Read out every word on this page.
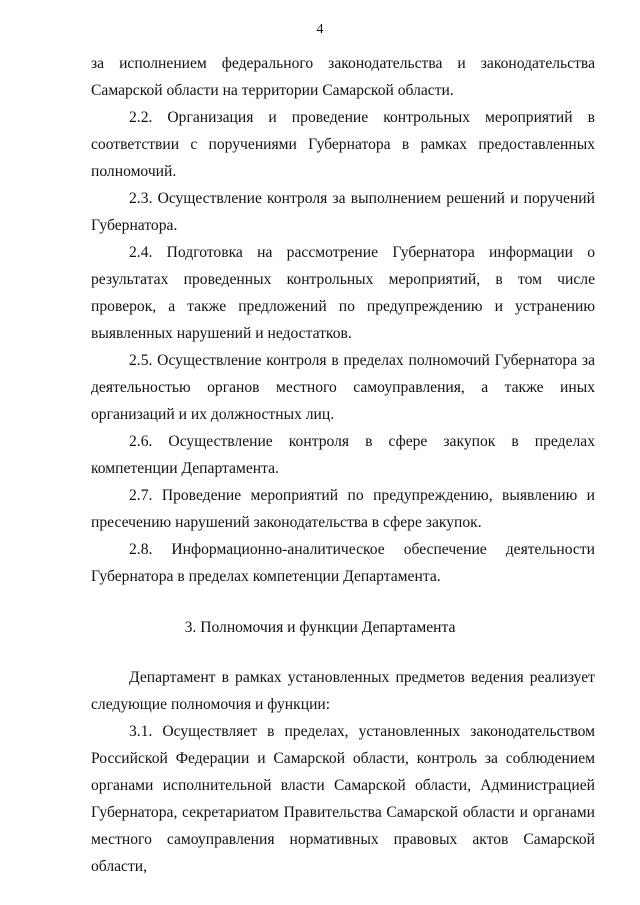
4

за исполнением федерального законодательства и законодательства Самарской области на территории Самарской области.

2.2. Организация и проведение контрольных мероприятий в соответствии с поручениями Губернатора в рамках предоставленных полномочий.

2.3. Осуществление контроля за выполнением решений и поручений Губернатора.

2.4. Подготовка на рассмотрение Губернатора информации о результатах проведенных контрольных мероприятий, в том числе проверок, а также предложений по предупреждению и устранению выявленных нарушений и недостатков.

2.5. Осуществление контроля в пределах полномочий Губернатора за деятельностью органов местного самоуправления, а также иных организаций и их должностных лиц.

2.6. Осуществление контроля в сфере закупок в пределах компетенции Департамента.

2.7. Проведение мероприятий по предупреждению, выявлению и пресечению нарушений законодательства в сфере закупок.

2.8. Информационно-аналитическое обеспечение деятельности Губернатора в пределах компетенции Департамента.

3. Полномочия и функции Департамента

Департамент в рамках установленных предметов ведения реализует следующие полномочия и функции:

3.1. Осуществляет в пределах, установленных законодательством Российской Федерации и Самарской области, контроль за соблюдением органами исполнительной власти Самарской области, Администрацией Губернатора, секретариатом Правительства Самарской области и органами местного самоуправления нормативных правовых актов Самарской области,
